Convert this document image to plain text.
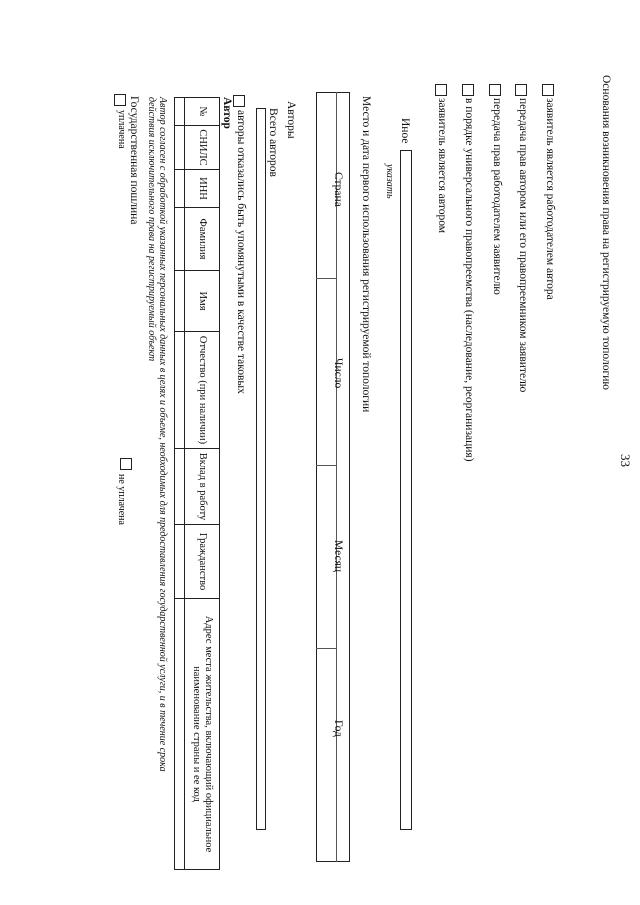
33
Основания возникновения права на регистрируемую топологию
заявитель является работодателем автора
передача прав автором или его правопреемником заявителю
передача прав работодателем заявителю
в порядке универсального правопреемства (наследование, реорганизация)
заявитель является автором
Иное
указать
Место и дата первого использования регистрируемой топологии
Страна
Число
Месяц
Год
Авторы
Всего авторов
авторы отказались быть упомянутыми в качестве таковых
Автор
№	СНИЛС	ИНН	Фамилия	Имя	Отчество (при наличии)	Вклад в работу	Гражданство	Адрес места жительства, включающий официальное наименование страны и ее код

Автор согласен с обработкой указанных персональных данных в целях и объеме, необходимых для предоставления государственной услуги, и в течение срока
действия исключительного права на регистрируемый объект
Государственная пошлина
уплачена
не уплачена
